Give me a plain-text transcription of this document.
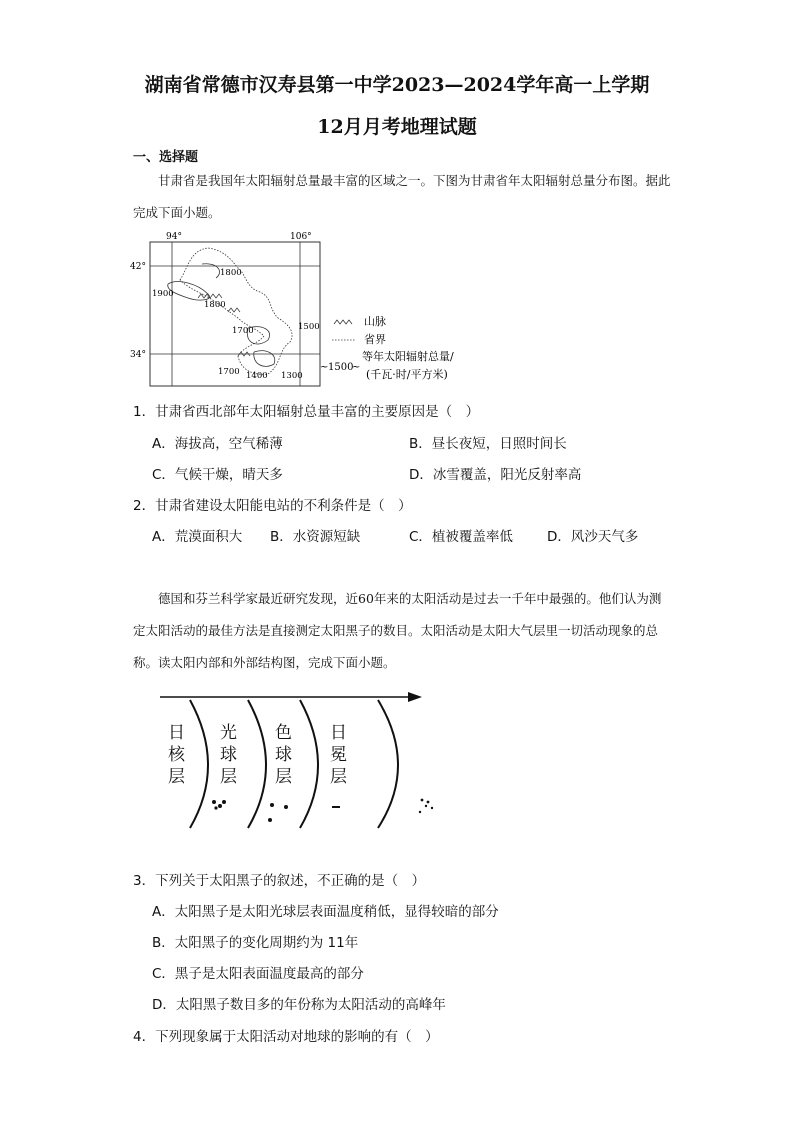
湖南省常德市汉寿县第一中学2023—2024学年高一上学期
12月月考地理试题
一、选择题
甘肃省是我国年太阳辐射总量最丰富的区域之一。下图为甘肃省年太阳辐射总量分布图。据此完成下面小题。
94°	106°
42°
34°
1800
1900
1800
1700	1500
1700 1400 1300
山脉
省界
~ 1500
~
等年太阳辐射总量/
(千瓦·时/平方米)
1．甘肃省西北部年太阳辐射总量丰富的主要原因是（　）
A．海拔高，空气稀薄	B．昼长夜短，日照时间长
C．气候干燥，晴天多	D．冰雪覆盖，阳光反射率高
2．甘肃省建设太阳能电站的不利条件是（　）
A．荒漠面积大 B．水资源短缺	C．植被覆盖率低	D．风沙天气多
德国和芬兰科学家最近研究发现，近60年来的太阳活动是过去一千年中最强的。他们认为测定太阳活动的最佳方法是直接测定太阳黑子的数目。太阳活动是太阳大气层里一切活动现象的总称。读太阳内部和外部结构图，完成下面小题。
日核层
光球层
色球层
日冕层
3．下列关于太阳黑子的叙述，不正确的是（　）
A．太阳黑子是太阳光球层表面温度稍低，显得较暗的部分
B．太阳黑子的变化周期约为 11年
C．黑子是太阳表面温度最高的部分
D．太阳黑子数目多的年份称为太阳活动的高峰年
4．下列现象属于太阳活动对地球的影响的有（　）
